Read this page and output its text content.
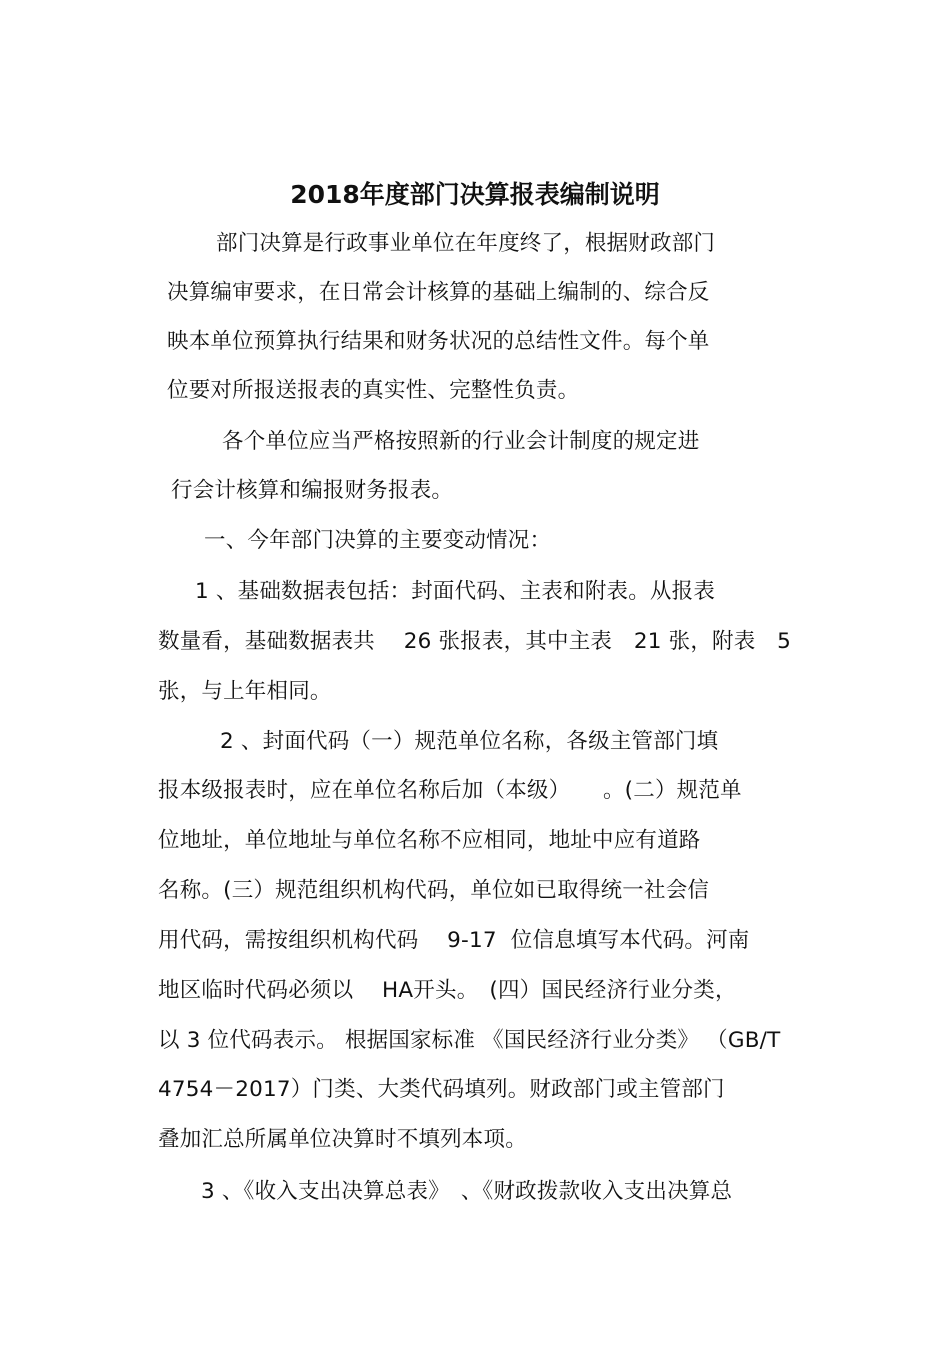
2018年度部门决算报表编制说明
部门决算是行政事业单位在年度终了，根据财政部门
决算编审要求，在日常会计核算的基础上编制的、综合反
映本单位预算执行结果和财务状况的总结性文件。每个单
位要对所报送报表的真实性、完整性负责。
各个单位应当严格按照新的行业会计制度的规定进
行会计核算和编报财务报表。
一、今年部门决算的主要变动情况：
1 、基础数据表包括：封面代码、主表和附表。从报表
数量看，基础数据表共　 26 张报表，其中主表　21 张，附表　5
张，与上年相同。
2 、封面代码（一）规范单位名称，各级主管部门填
报本级报表时，应在单位名称后加（本级）　　。(二）规范单
位地址，单位地址与单位名称不应相同，地址中应有道路
名称。(三）规范组织机构代码，单位如已取得统一社会信
用代码，需按组织机构代码　 9-17  位信息填写本代码。河南
地区临时代码必须以　 HA开头。　(四）国民经济行业分类，
以 3 位代码表示。 根据国家标准 《国民经济行业分类》 （GB/T
4754－2017）门类、大类代码填列。财政部门或主管部门
叠加汇总所属单位决算时不填列本项。
3 、《收入支出决算总表》　、《财政拨款收入支出决算总
